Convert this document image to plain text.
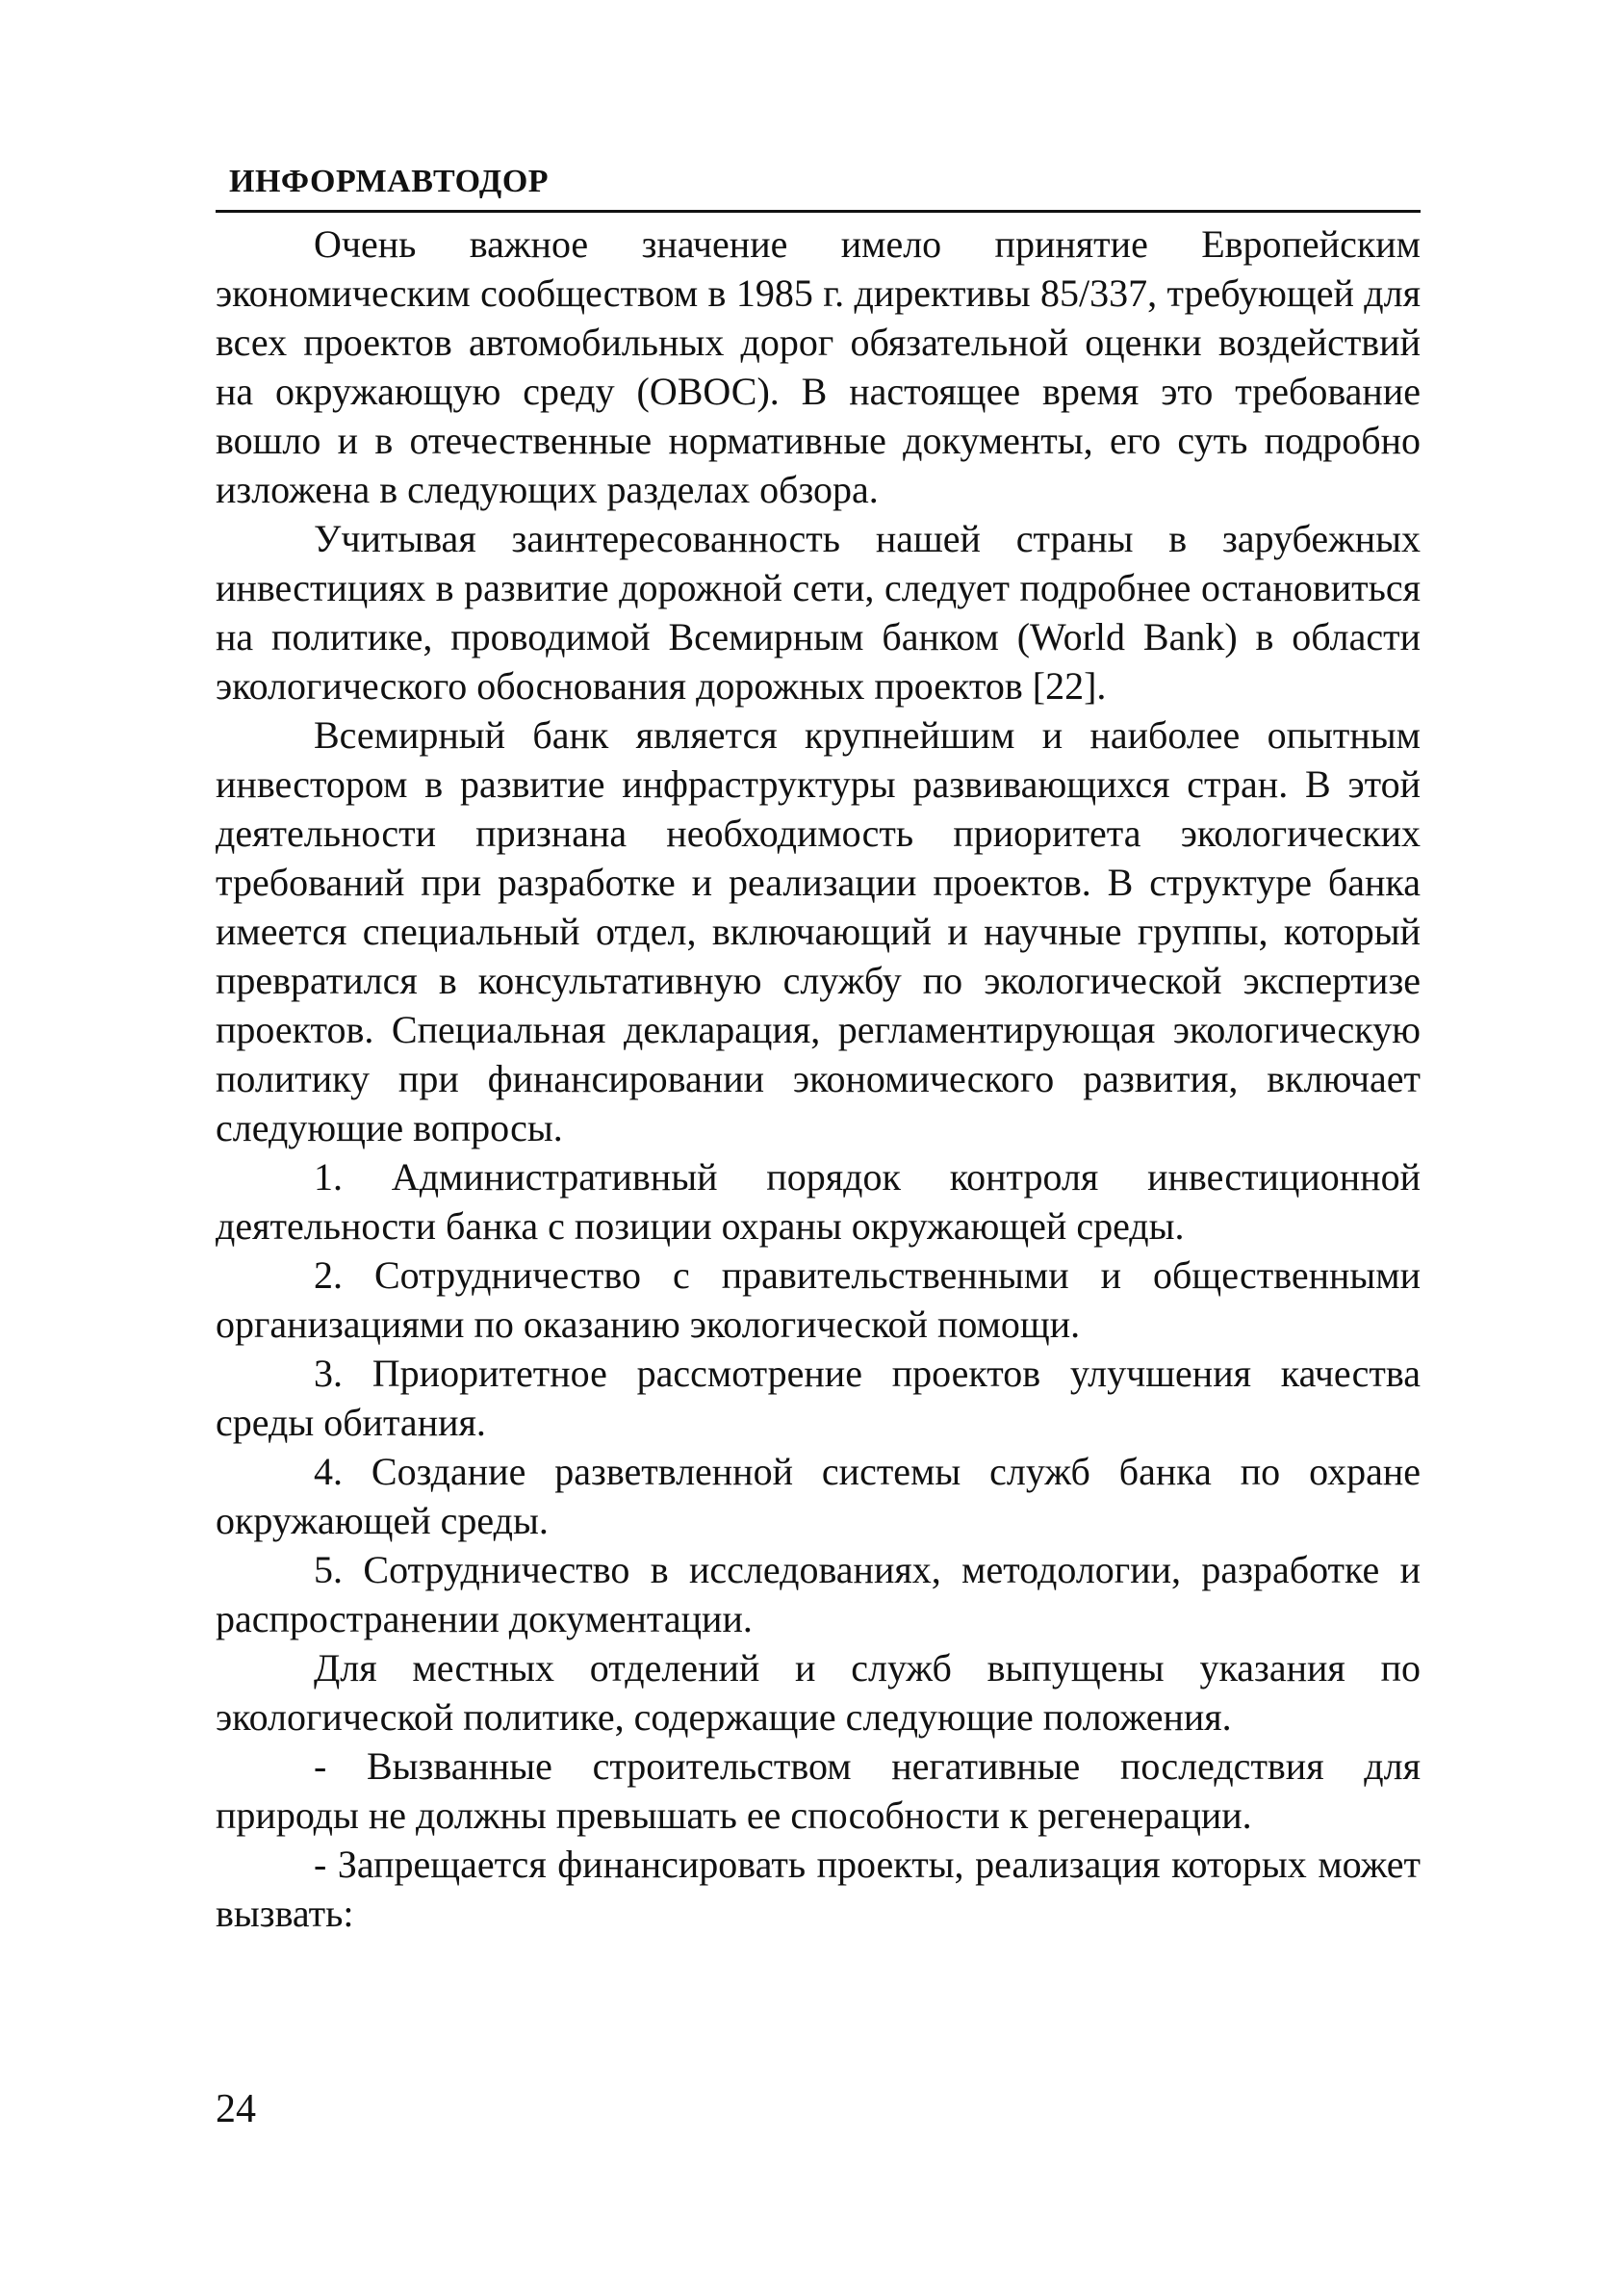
ИНФОРМАВТОДОР

Очень важное значение имело принятие Европейским экономическим сообществом в 1985 г. директивы 85/337, требующей для всех проектов автомобильных дорог обязательной оценки воздействий на окружающую среду (ОВОС). В настоящее время это требование вошло и в отечественные нормативные документы, его суть подробно изложена в следующих разделах обзора.

Учитывая заинтересованность нашей страны в зарубежных инвестициях в развитие дорожной сети, следует подробнее остановиться на политике, проводимой Всемирным банком (World Bank) в области экологического обоснования дорожных проектов [22].

Всемирный банк является крупнейшим и наиболее опытным инвестором в развитие инфраструктуры развивающихся стран. В этой деятельности признана необходимость приоритета экологических требований при разработке и реализации проектов. В структуре банка имеется специальный отдел, включающий и научные группы, который превратился в консультативную службу по экологической экспертизе проектов. Специальная декларация, регламентирующая экологическую политику при финансировании экономического развития, включает следующие вопросы.

1. Административный порядок контроля инвестиционной деятельности банка с позиции охраны окружающей среды.

2. Сотрудничество с правительственными и общественными организациями по оказанию экологической помощи.

3. Приоритетное рассмотрение проектов улучшения качества среды обитания.

4. Создание разветвленной системы служб банка по охране окружающей среды.

5. Сотрудничество в исследованиях, методологии, разработке и распространении документации.

Для местных отделений и служб выпущены указания по экологической политике, содержащие следующие положения.

- Вызванные строительством негативные последствия для природы не должны превышать ее способности к регенерации.

- Запрещается финансировать проекты, реализация которых может вызвать:

24
